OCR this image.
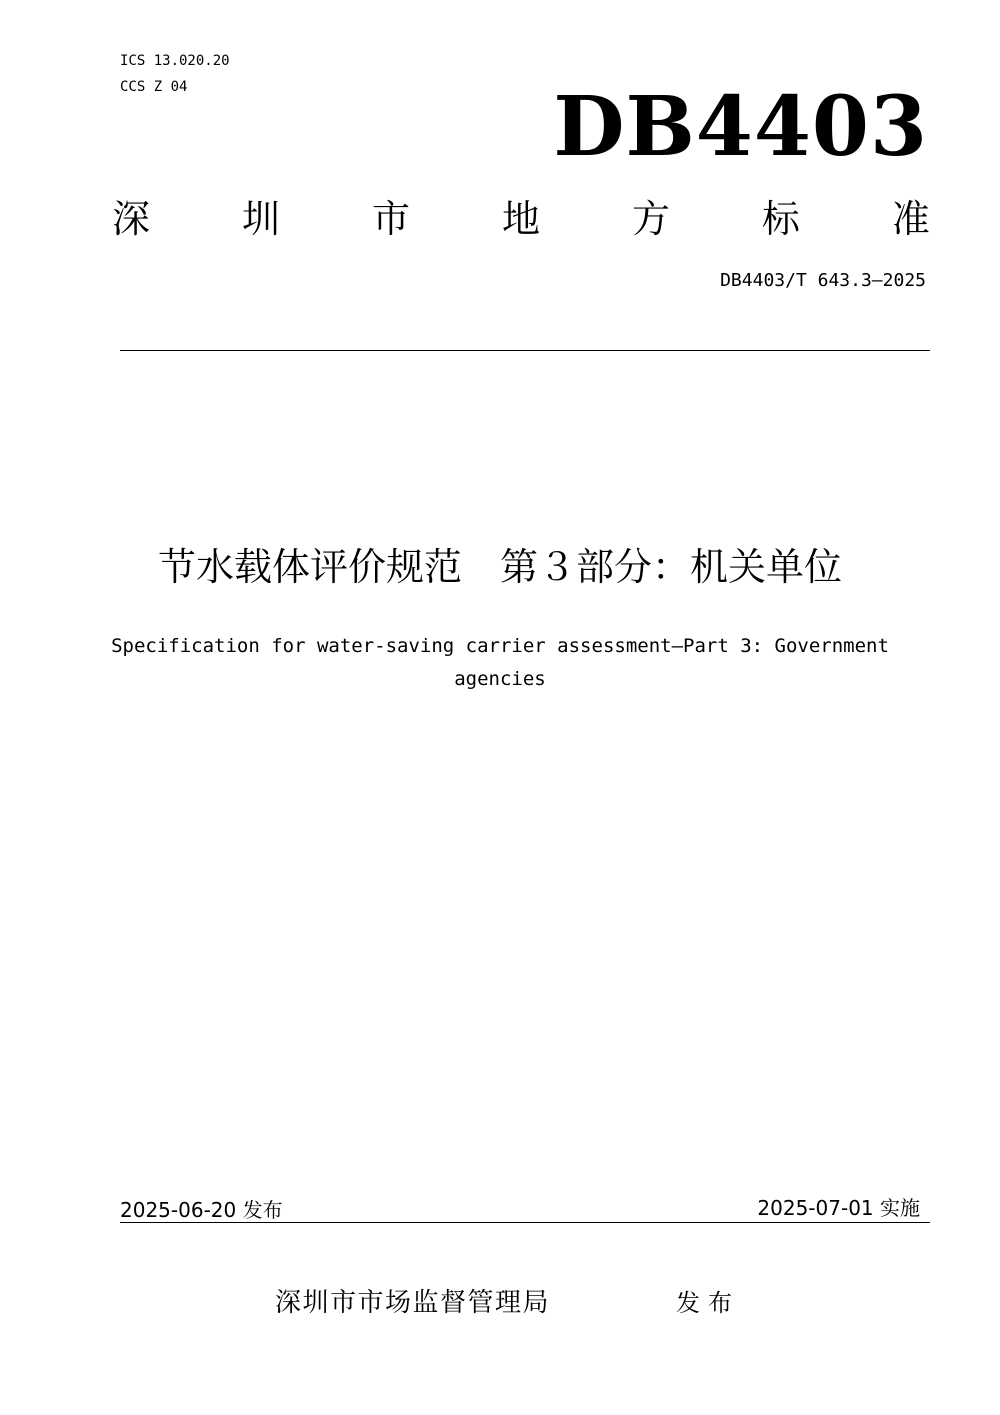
ICS 13.020.20
CCS Z 04	DB4403
深 圳 市 地 方 标 准
DB4403/T 643.3—2025
节水载体评价规范　第３部分：机关单位
Specification for water-saving carrier assessment—Part 3: Government agencies
2025-06-20 发布	2025-07-01 实施
深圳市市场监督管理局	发布
